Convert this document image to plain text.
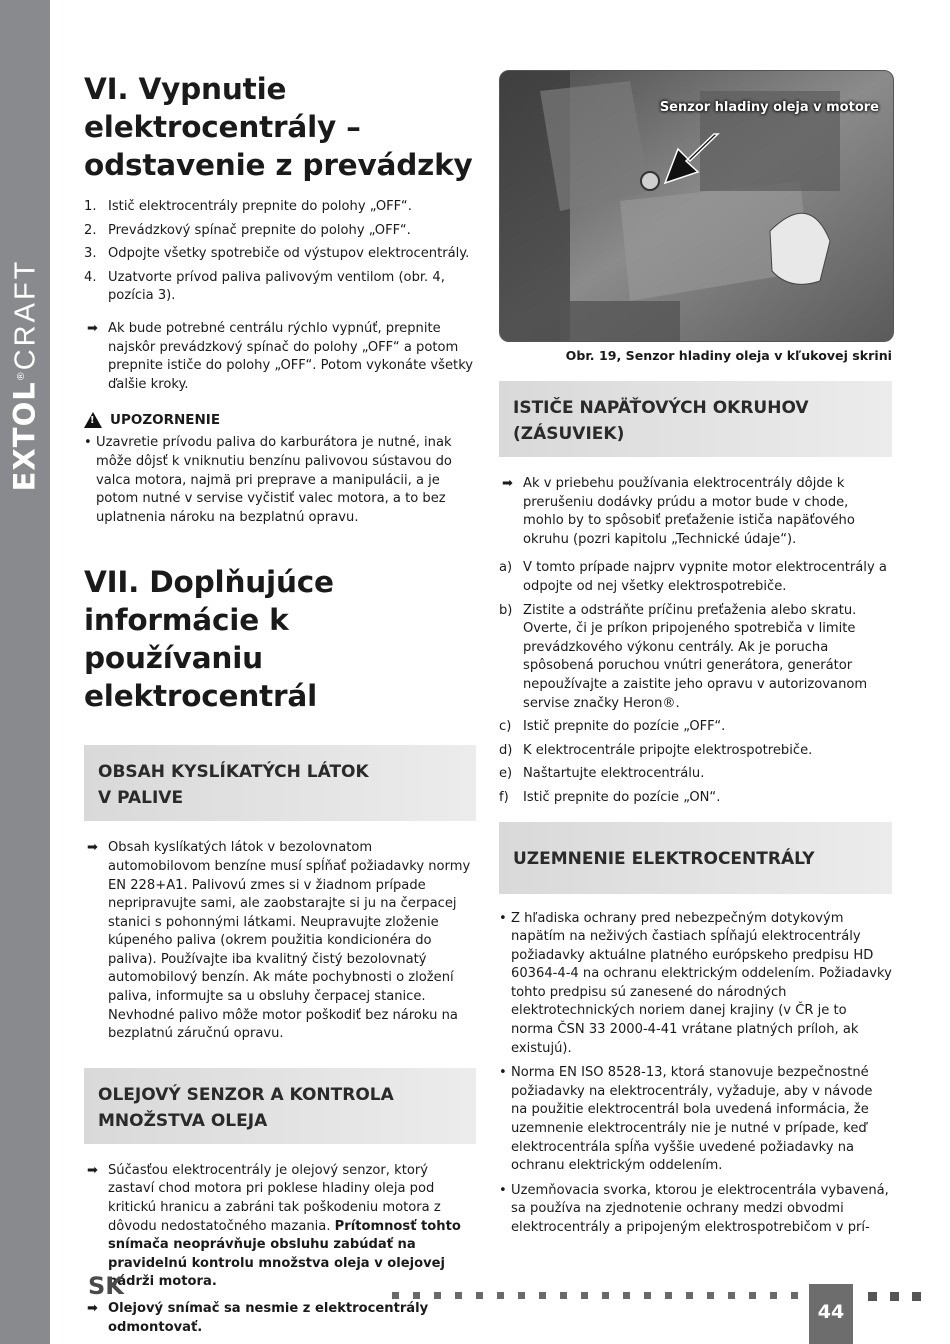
EXTOL®CRAFT
VI. Vypnutie
elektrocentrály –
odstavenie z prevádzky
1. Istič elektrocentrály prepnite do polohy „OFF“.
2. Prevádzkový spínač prepnite do polohy „OFF“.
3. Odpojte všetky spotrebiče od výstupov elektrocentrály.
4. Uzatvorte prívod paliva palivovým ventilom (obr. 4, pozícia 3).
➡ Ak bude potrebné centrálu rýchlo vypnúť, prepnite najskôr prevádzkový spínač do polohy „OFF“ a potom prepnite ističe do polohy „OFF“. Potom vykonáte všetky ďalšie kroky.
! UPOZORNENIE
• Uzavretie prívodu paliva do karburátora je nutné, inak môže dôjsť k vniknutiu benzínu palivovou sústavou do valca motora, najmä pri preprave a manipulácii, a je potom nutné v servise vyčistiť valec motora, a to bez uplatnenia nároku na bezplatnú opravu.
VII. Doplňujúce
informácie k používaniu
elektrocentrál
OBSAH KYSLÍKATÝCH LÁTOK
V PALIVE
➡ Obsah kyslíkatých látok v bezolovnatom automobilovom benzíne musí spĺňať požiadavky normy EN 228+A1. Palivovú zmes si v žiadnom prípade nepripravujte sami, ale zaobstarajte si ju na čerpacej stanici s pohonnými látkami. Neupravujte zloženie kúpeného paliva (okrem použitia kondicionéra do paliva). Používajte iba kvalitný čistý bezolovnatý automobilový benzín. Ak máte pochybnosti o zložení paliva, informujte sa u obsluhy čerpacej stanice. Nevhodné palivo môže motor poškodiť bez nároku na bezplatnú záručnú opravu.
OLEJOVÝ SENZOR A KONTROLA
MNOŽSTVA OLEJA
➡ Súčasťou elektrocentrály je olejový senzor, ktorý zastaví chod motora pri poklese hladiny oleja pod kritickú hranicu a zabráni tak poškodeniu motora z dôvodu nedostatočného mazania. Prítomnosť tohto snímača neoprávňuje obsluhu zabúdať na pravidelnú kontrolu množstva oleja v olejovej nádrži motora.
➡ Olejový snímač sa nesmie z elektrocentrály odmontovať.
Senzor hladiny oleja v motore
Obr. 19, Senzor hladiny oleja v kľukovej skrini
ISTIČE NAPÄŤOVÝCH OKRUHOV
(ZÁSUVIEK)
➡ Ak v priebehu používania elektrocentrály dôjde k prerušeniu dodávky prúdu a motor bude v chode, mohlo by to spôsobiť preťaženie ističa napäťového okruhu (pozri kapitolu „Technické údaje“).
a) V tomto prípade najprv vypnite motor elektrocentrály a odpojte od nej všetky elektrospotrebiče.
b) Zistite a odstráňte príčinu preťaženia alebo skratu. Overte, či je príkon pripojeného spotrebiča v limite prevádzkového výkonu centrály. Ak je porucha spôsobená poruchou vnútri generátora, generátor nepoužívajte a zaistite jeho opravu v autorizovanom servise značky Heron®.
c) Istič prepnite do pozície „OFF“.
d) K elektrocentrále pripojte elektrospotrebiče.
e) Naštartujte elektrocentrálu.
f) Istič prepnite do pozície „ON“.
UZEMNENIE ELEKTROCENTRÁLY
• Z hľadiska ochrany pred nebezpečným dotykovým napätím na neživých častiach spĺňajú elektrocentrály požiadavky aktuálne platného európskeho predpisu HD 60364-4-4 na ochranu elektrickým oddelením. Požiadavky tohto predpisu sú zanesené do národných elektrotechnických noriem danej krajiny (v ČR je to norma ČSN 33 2000-4-41 vrátane platných príloh, ak existujú).
• Norma EN ISO 8528-13, ktorá stanovuje bezpečnostné požiadavky na elektrocentrály, vyžaduje, aby v návode na použitie elektrocentrál bola uvedená informácia, že uzemnenie elektrocentrály nie je nutné v prípade, keď elektrocentrála spĺňa vyššie uvedené požiadavky na ochranu elektrickým oddelením.
• Uzemňovacia svorka, ktorou je elektrocentrála vybavená, sa používa na zjednotenie ochrany medzi obvodmi elektrocentrály a pripojeným elektrospotrebičom v prí-
SK
44
